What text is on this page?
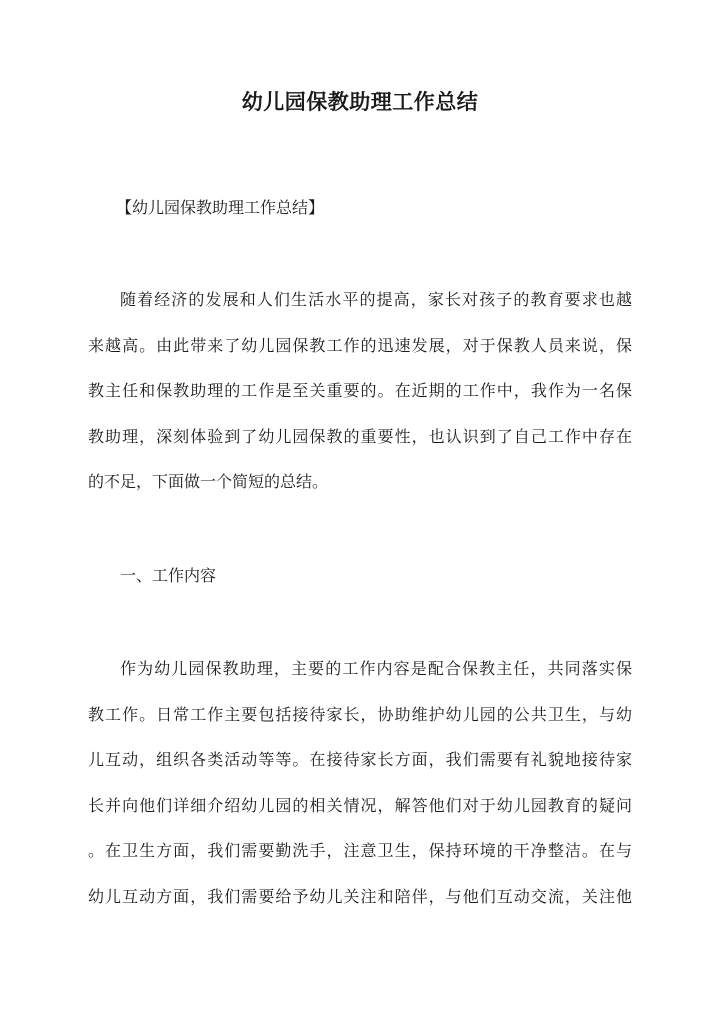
幼儿园保教助理工作总结
【幼儿园保教助理工作总结】
随着经济的发展和人们生活水平的提高，家长对孩子的教育要求也越
来越高。由此带来了幼儿园保教工作的迅速发展，对于保教人员来说，保
教主任和保教助理的工作是至关重要的。在近期的工作中，我作为一名保
教助理，深刻体验到了幼儿园保教的重要性，也认识到了自己工作中存在
的不足，下面做一个简短的总结。
一、工作内容
作为幼儿园保教助理，主要的工作内容是配合保教主任，共同落实保
教工作。日常工作主要包括接待家长，协助维护幼儿园的公共卫生，与幼
儿互动，组织各类活动等等。在接待家长方面，我们需要有礼貌地接待家
长并向他们详细介绍幼儿园的相关情况，解答他们对于幼儿园教育的疑问
。在卫生方面，我们需要勤洗手，注意卫生，保持环境的干净整洁。在与
幼儿互动方面，我们需要给予幼儿关注和陪伴，与他们互动交流，关注他
